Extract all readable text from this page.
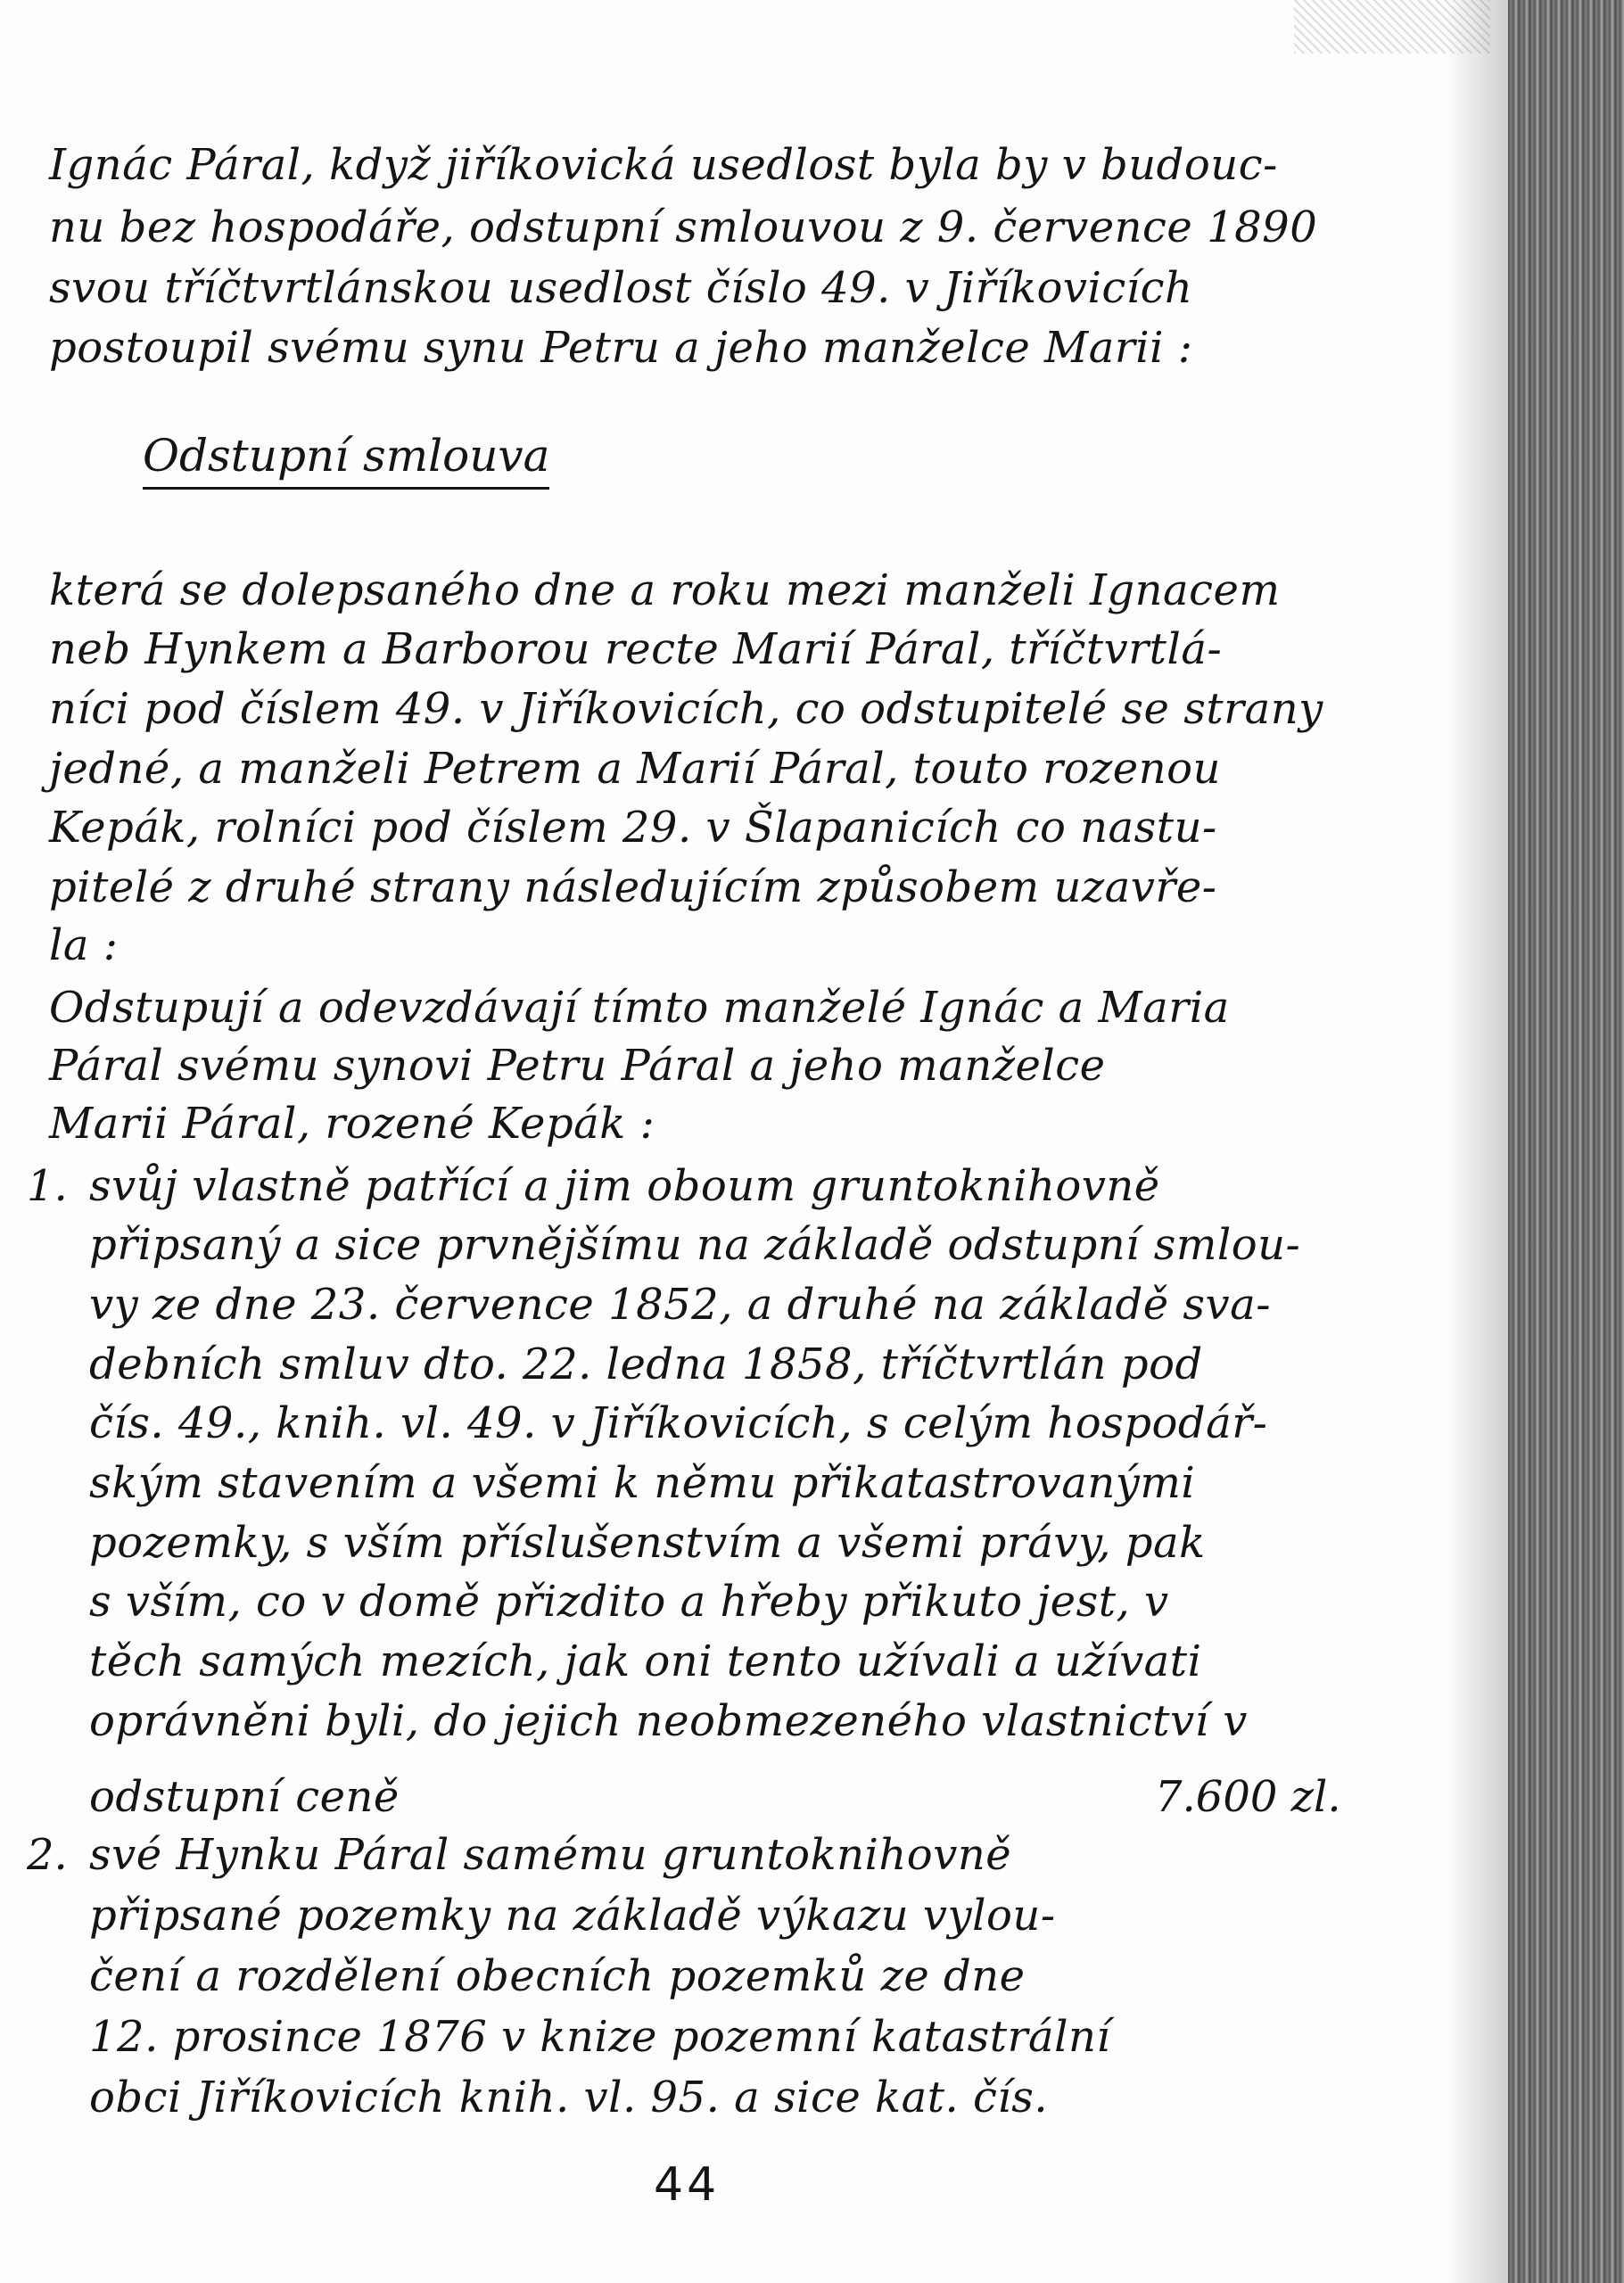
Ignác Páral, když jiříkovická usedlost byla by v budouc-
nu bez hospodáře, odstupní smlouvou z 9. července 1890
svou tříčtvrtlánskou usedlost číslo 49. v Jiříkovicích
postoupil svému synu Petru a jeho manželce Marii :
Odstupní smlouva
která se dolepsaného dne a roku mezi manželi Ignacem
neb Hynkem a Barborou recte Marií Páral, tříčtvrtlá-
níci pod číslem 49. v Jiříkovicích, co odstupitelé se strany
jedné, a manželi Petrem a Marií Páral, touto rozenou
Kepák, rolníci pod číslem 29. v Šlapanicích co nastu-
pitelé z druhé strany následujícím způsobem uzavře-
la :
Odstupují a odevzdávají tímto manželé Ignác a Maria
Páral svému synovi Petru Páral a jeho manželce
Marii Páral, rozené Kepák :
1. svůj vlastně patřící a jim oboum gruntoknihovně
připsaný a sice prvnějšímu na základě odstupní smlou-
vy ze dne 23. července 1852, a druhé na základě sva-
debních smluv dto. 22. ledna 1858, tříčtvrtlán pod
čís. 49., knih. vl. 49. v Jiříkovicích, s celým hospodář-
ským stavením a všemi k němu přikatastrovanými
pozemky, s vším příslušenstvím a všemi právy, pak
s vším, co v domě přizdito a hřeby přikuto jest, v
těch samých mezích, jak oni tento užívali a užívati
oprávněni byli, do jejich neobmezeného vlastnictví v
odstupní ceně	7.600 zl.
2. své Hynku Páral samému gruntoknihovně
připsané pozemky na základě výkazu vylou-
čení a rozdělení obecních pozemků ze dne
12. prosince 1876 v knize pozemní katastrální
obci Jiříkovicích knih. vl. 95. a sice kat. čís.
44
